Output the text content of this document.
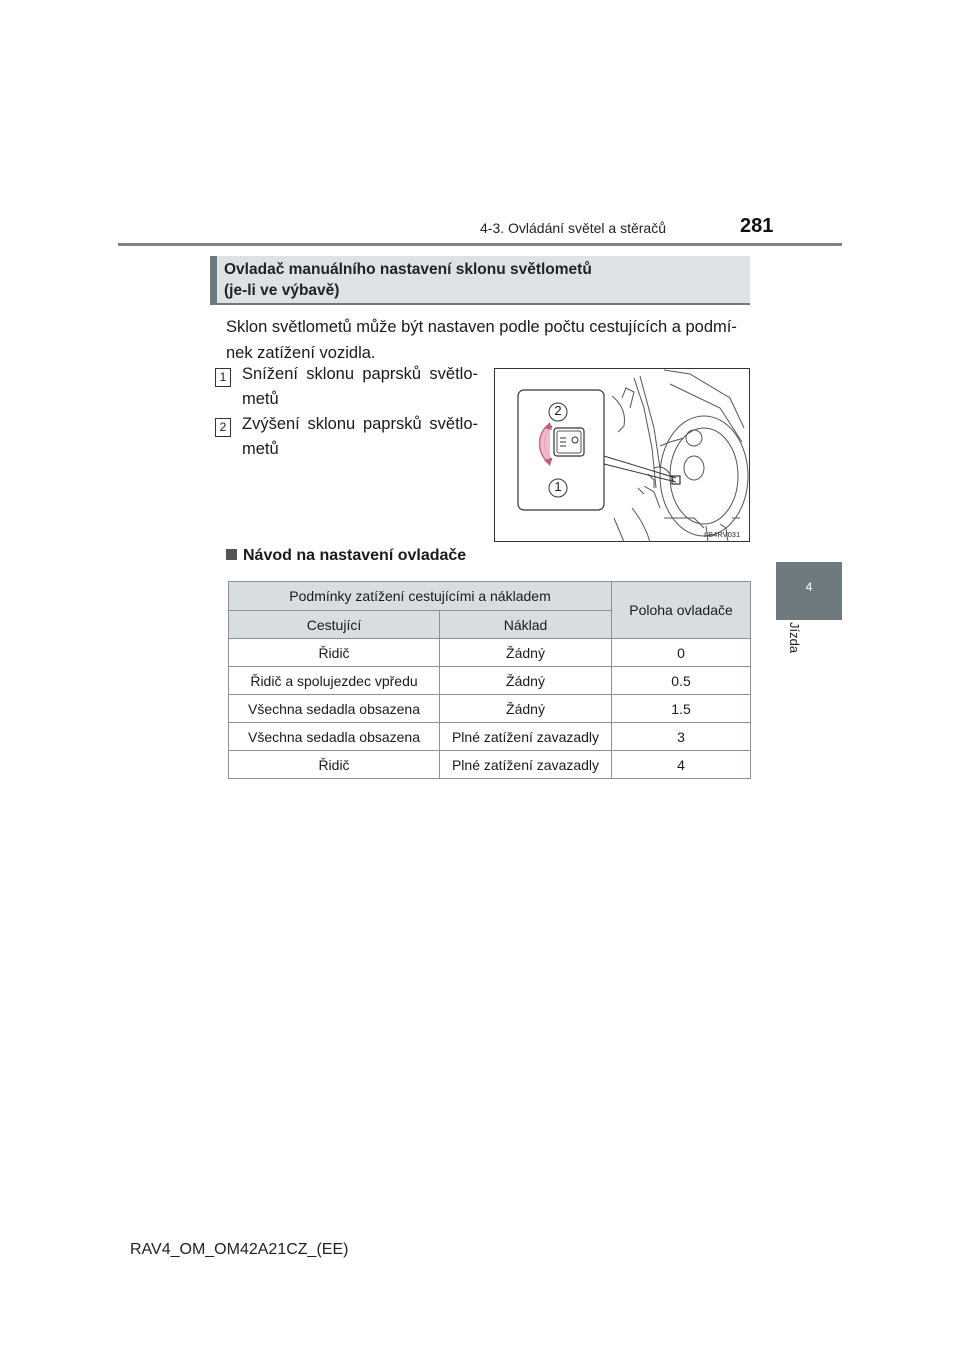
4-3. Ovládání světel a stěračů	281
4
Jízda
Ovladač manuálního nastavení sklonu světlometů
(je-li ve výbavě)
Sklon světlometů může být nastaven podle počtu cestujících a podmí-nek zatížení vozidla.
1 Snížení sklonu paprsků světlo-metů
2 Zvýšení sklonu paprsků světlo-metů
2
1
IIB4RV031
Návod na nastavení ovladače
Podmínky zatížení cestujícími a nákladem		Poloha ovladače
Cestující	Náklad	
Řidič	Žádný	0
Řidič a spolujezdec vpředu	Žádný	0.5
Všechna sedadla obsazena	Žádný	1.5
Všechna sedadla obsazena	Plné zatížení zavazadly	3
Řidič	Plné zatížení zavazadly	4
RAV4_OM_OM42A21CZ_(EE)
